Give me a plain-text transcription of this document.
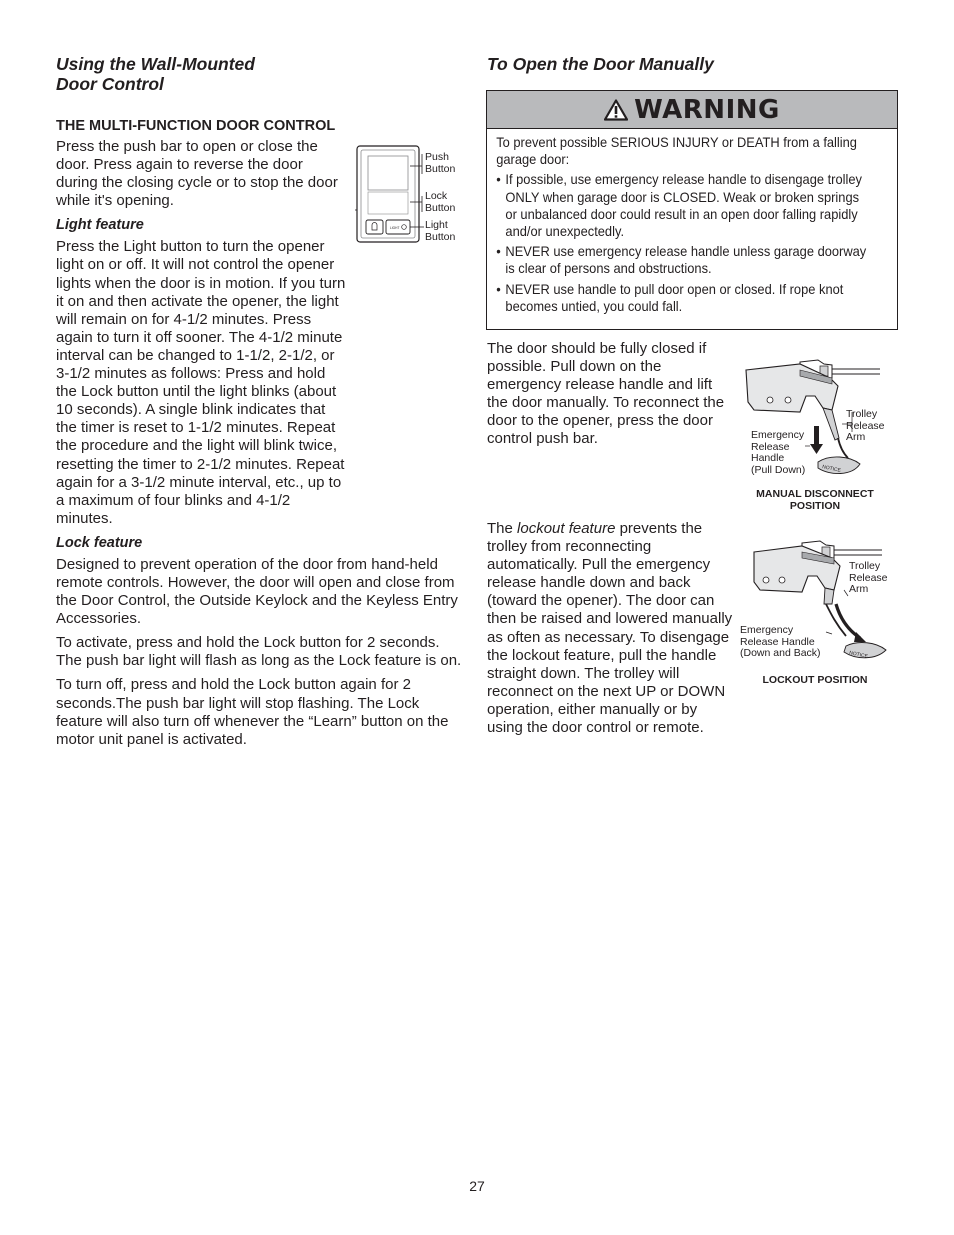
Using the Wall-Mounted
Door Control
THE MULTI-FUNCTION DOOR CONTROL

Press the push bar to open or close the door. Press again to reverse the door during the closing cycle or to stop the door while it's opening.

Light feature

Press the Light button to turn the opener light on or off. It will not control the opener lights when the door is in motion. If you turn it on and then activate the opener, the light will remain on for 4-1/2 minutes. Press again to turn it off sooner. The 4-1/2 minute interval can be changed to 1-1/2, 2-1/2, or 3-1/2 minutes as follows: Press and hold the Lock button until the light blinks (about 10 seconds). A single blink indicates that the timer is reset to 1-1/2 minutes. Repeat the procedure and the light will blink twice, resetting the timer to 2-1/2 minutes. Repeat again for a 3-1/2 minute interval, etc., up to a maximum of four blinks and 4-1/2 minutes.

Lock feature

Designed to prevent operation of the door from hand-held remote controls. However, the door will open and close from the Door Control, the Outside Keylock and the Keyless Entry Accessories.

To activate, press and hold the Lock button for 2 seconds. The push bar light will flash as long as the Lock feature is on.

To turn off, press and hold the Lock button again for 2 seconds.The push bar light will stop flashing. The Lock feature will also turn off whenever the “Learn” button on the motor unit panel is activated.

LIGHT
Push
Button
Lock
Button
Light
Button
To Open the Door Manually
WARNING
To prevent possible SERIOUS INJURY or DEATH from a falling garage door:
• If possible, use emergency release handle to disengage trolley ONLY when garage door is CLOSED. Weak or broken springs or unbalanced door could result in an open door falling rapidly and/or unexpectedly.
• NEVER use emergency release handle unless garage doorway is clear of persons and obstructions.
• NEVER use handle to pull door open or closed. If rope knot becomes untied, you could fall.

The door should be fully closed if possible. Pull down on the emergency release handle and lift the door manually. To reconnect the door to the opener, press the door control push bar.

The lockout feature prevents the trolley from reconnecting automatically. Pull the emergency release handle down and back (toward the opener). The door can then be raised and lowered manually as often as necessary. To disengage the lockout feature, pull the handle straight down. The trolley will reconnect on the next UP or DOWN operation, either manually or by using the door control or remote.

NOTICE
Trolley
Release
Arm
Emergency
Release
Handle
(Pull Down)
MANUAL DISCONNECT
POSITION
NOTICE
Trolley
Release
Arm
Emergency
Release Handle
(Down and Back)
LOCKOUT POSITION
27
